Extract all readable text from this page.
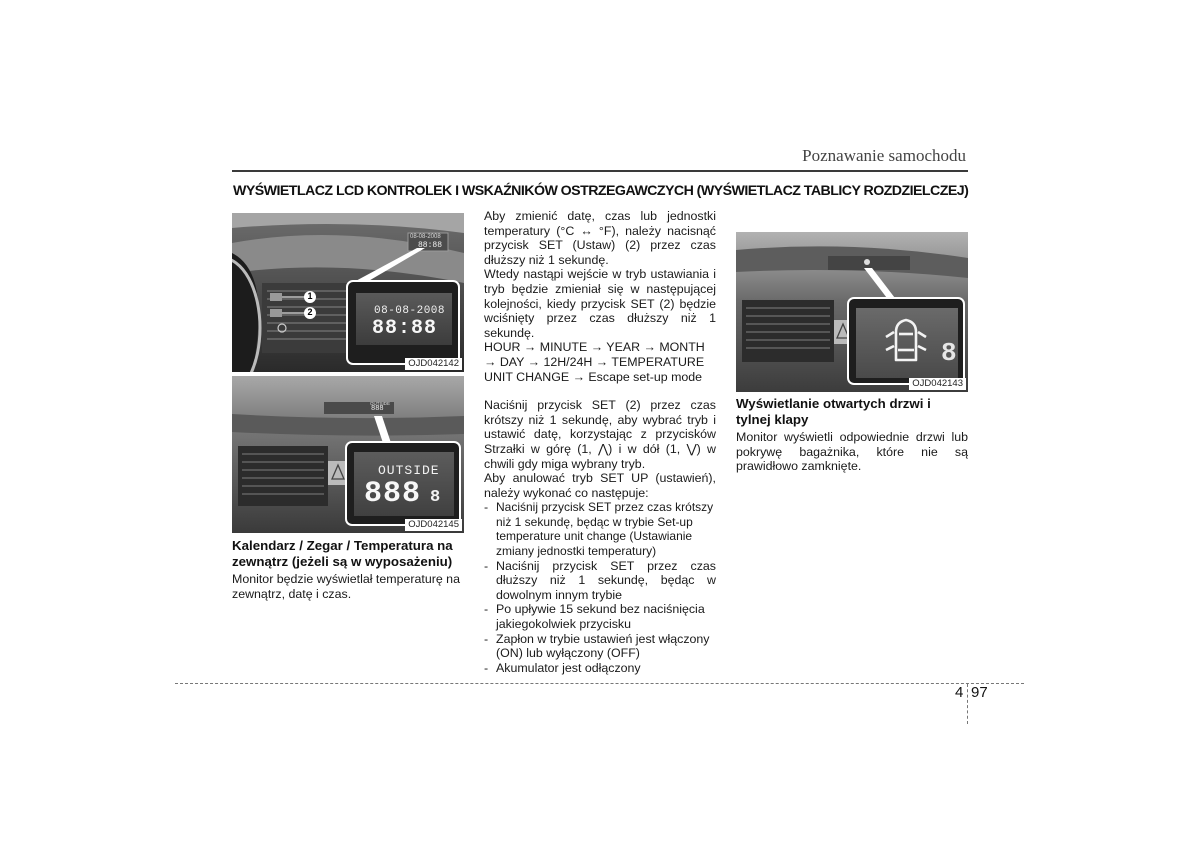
Poznawanie samochodu
WYŚWIETLACZ LCD KONTROLEK I WSKAŹNIKÓW OSTRZEGAWCZYCH (WYŚWIETLACZ TABLICY ROZDZIELCZEJ)
08-08-2008
88:88
1
2	08-08-2008
88:88
OJD042142
OUTSIDE
888
OUTSIDE
888 8
OJD042145
Kalendarz / Zegar / Temperatura na zewnątrz (jeżeli są w wyposażeniu)
Monitor będzie wyświetlał temperaturę na zewnątrz, datę i czas.

Aby zmienić datę, czas lub jednostki temperatury (°C ↔ °F), należy nacisnąć przycisk SET (Ustaw) (2) przez czas dłuższy niż 1 sekundę.

Wtedy nastąpi wejście w tryb ustawiania i tryb będzie zmieniał się w następującej kolejności, kiedy przycisk SET (2) będzie wciśnięty przez czas dłuższy niż 1 sekundę.

HOUR → MINUTE → YEAR → MONTH → DAY → 12H/24H → TEMPERATURE UNIT CHANGE → Escape set-up mode

Naciśnij przycisk SET (2) przez czas krótszy niż 1 sekundę, aby wybrać tryb i ustawić datę, korzystając z przycisków Strzałki w górę (1, ⋀) i w dół (1, ⋁) w chwili gdy miga wybrany tryb.

Aby anulować tryb SET UP (ustawień), należy wykonać co następuje:

- Naciśnij przycisk SET przez czas krótszy niż 1 sekundę, będąc w trybie Set-up temperature unit change (Ustawianie zmiany jednostki temperatury)
- Naciśnij przycisk SET przez czas dłuższy niż 1 sekundę, będąc w dowolnym innym trybie
- Po upływie 15 sekund bez naciśnięcia jakiegokolwiek przycisku
- Zapłon w trybie ustawień jest włączony (ON) lub wyłączony (OFF)
- Akumulator jest odłączony
8
OJD042143
Wyświetlanie otwartych drzwi i tylnej klapy
Monitor wyświetli odpowiednie drzwi lub pokrywę bagażnika, które nie są prawidłowo zamknięte.
4 97
